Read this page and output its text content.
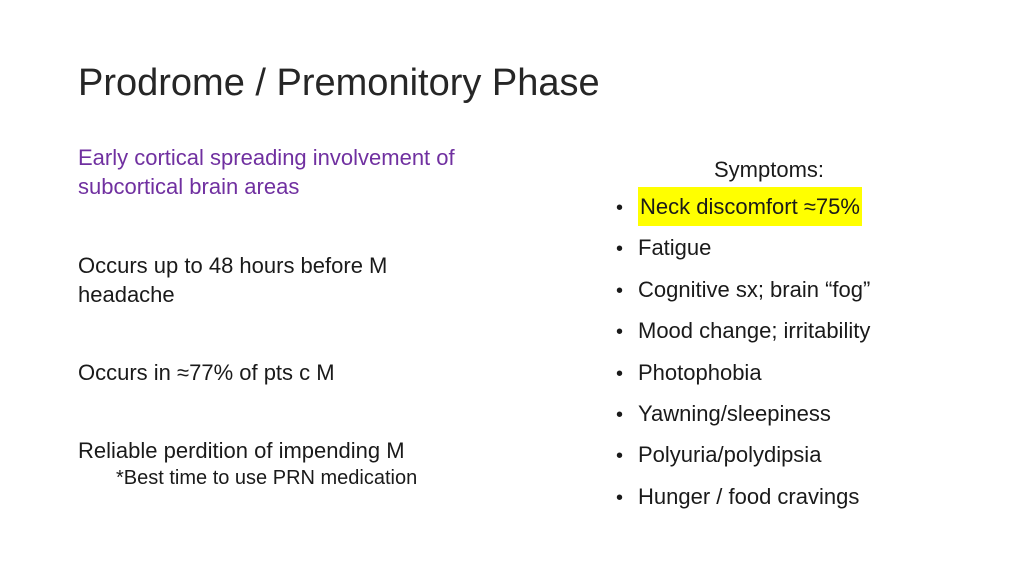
Prodrome / Premonitory Phase
Early cortical spreading involvement of
subcortical brain areas
Occurs up to 48 hours before M
headache
Occurs in ≈77% of pts c M
Reliable perdition of impending M
*Best time to use PRN medication
Symptoms:
• Neck discomfort ≈75%
• Fatigue
• Cognitive sx; brain “fog”
• Mood change; irritability
• Photophobia
• Yawning/sleepiness
• Polyuria/polydipsia
• Hunger / food cravings
